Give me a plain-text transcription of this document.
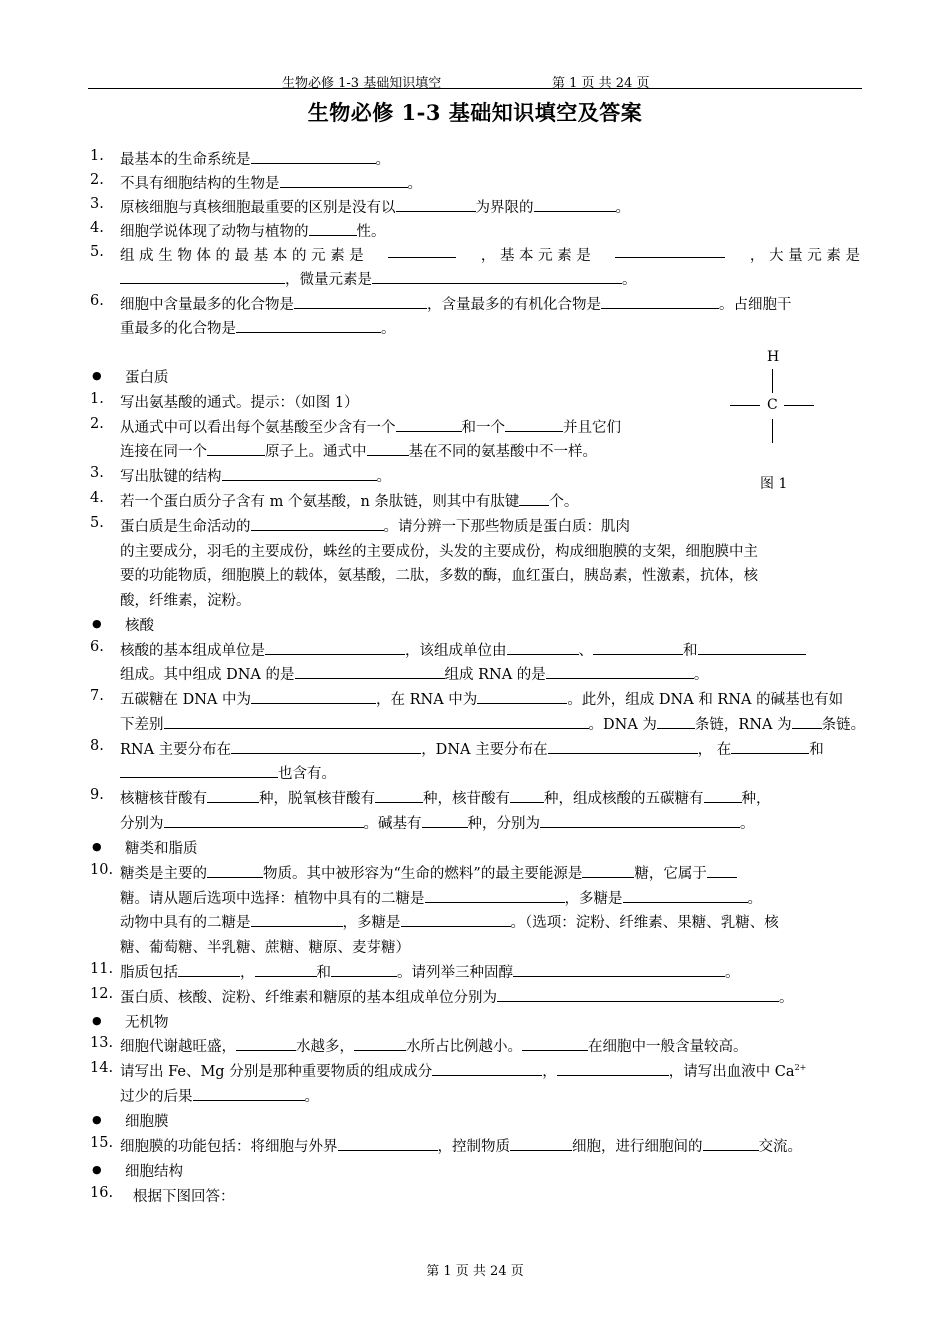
生物必修 1-3 基础知识填空	第 1 页 共 24 页
生物必修 1-3 基础知识填空及答案
1. 最基本的生命系统是	。
2. 不具有细胞结构的生物是	。
3. 原核细胞与真核细胞最重要的区别是没有以	为界限的	。
4. 细胞学说体现了动物与植物的	性。
5. 组 成 生 物 体 的 最 基 本 的 元 素 是	， 基 本 元 素 是	， 大 量 元 素 是
，微量元素是	。
6. 细胞中含量最多的化合物是	，含量最多的有机化合物是	。占细胞干
重最多的化合物是	。
● 蛋白质
1. 写出氨基酸的通式。提示：（如图 1）
2. 从通式中可以看出每个氨基酸至少含有一个	和一个	并且它们
连接在同一个	原子上。通式中	基在不同的氨基酸中不一样。
3. 写出肽键的结构	。
4. 若一个蛋白质分子含有 m 个氨基酸，n 条肽链，则其中有肽键 个。
5. 蛋白质是生命活动的	。请分辨一下那些物质是蛋白质：肌肉
的主要成分，羽毛的主要成份，蛛丝的主要成份，头发的主要成份，构成细胞膜的支架，细胞膜中主
要的功能物质，细胞膜上的载体，氨基酸，二肽，多数的酶，血红蛋白，胰岛素，性激素，抗体，核
酸，纤维素，淀粉。
● 核酸
6. 核酸的基本组成单位是	，该组成单位由	、	和
组成。其中组成 DNA 的是	组成 RNA 的是	。
7. 五碳糖在 DNA 中为	，在 RNA 中为	。此外，组成 DNA 和 RNA 的碱基也有如
下差别	。DNA 为	条链，RNA 为 条链。
8. RNA 主要分布在	，DNA 主要分布在	， 在	和
也含有。
9. 核糖核苷酸有	种，脱氧核苷酸有	种，核苷酸有 种，组成核酸的五碳糖有	种，
分别为	。碱基有	种，分别为	。
● 糖类和脂质
10. 糖类是主要的	物质。其中被形容为“生命的燃料”的最主要能源是	糖，它属于
糖。请从题后选项中选择：植物中具有的二糖是	，多糖是	。
动物中具有的二糖是	，多糖是	。（选项：淀粉、纤维素、果糖、乳糖、核
糖、葡萄糖、半乳糖、蔗糖、糖原、麦芽糖）
11. 脂质包括	，	和	。请列举三种固醇	。
12. 蛋白质、核酸、淀粉、纤维素和糖原的基本组成单位分别为	。
● 无机物
13. 细胞代谢越旺盛，	水越多，	水所占比例越小。	在细胞中一般含量较高。
14. 请写出 Fe、Mg 分别是那种重要物质的组成成分	，	，请写出血液中 $Ca^{2+}$
过少的后果	。
● 细胞膜
15. 细胞膜的功能包括：将细胞与外界	，控制物质	细胞，进行细胞间的	交流。
● 细胞结构
16. 根据下图回答：
H
C
图 1
第 1 页 共 24 页
